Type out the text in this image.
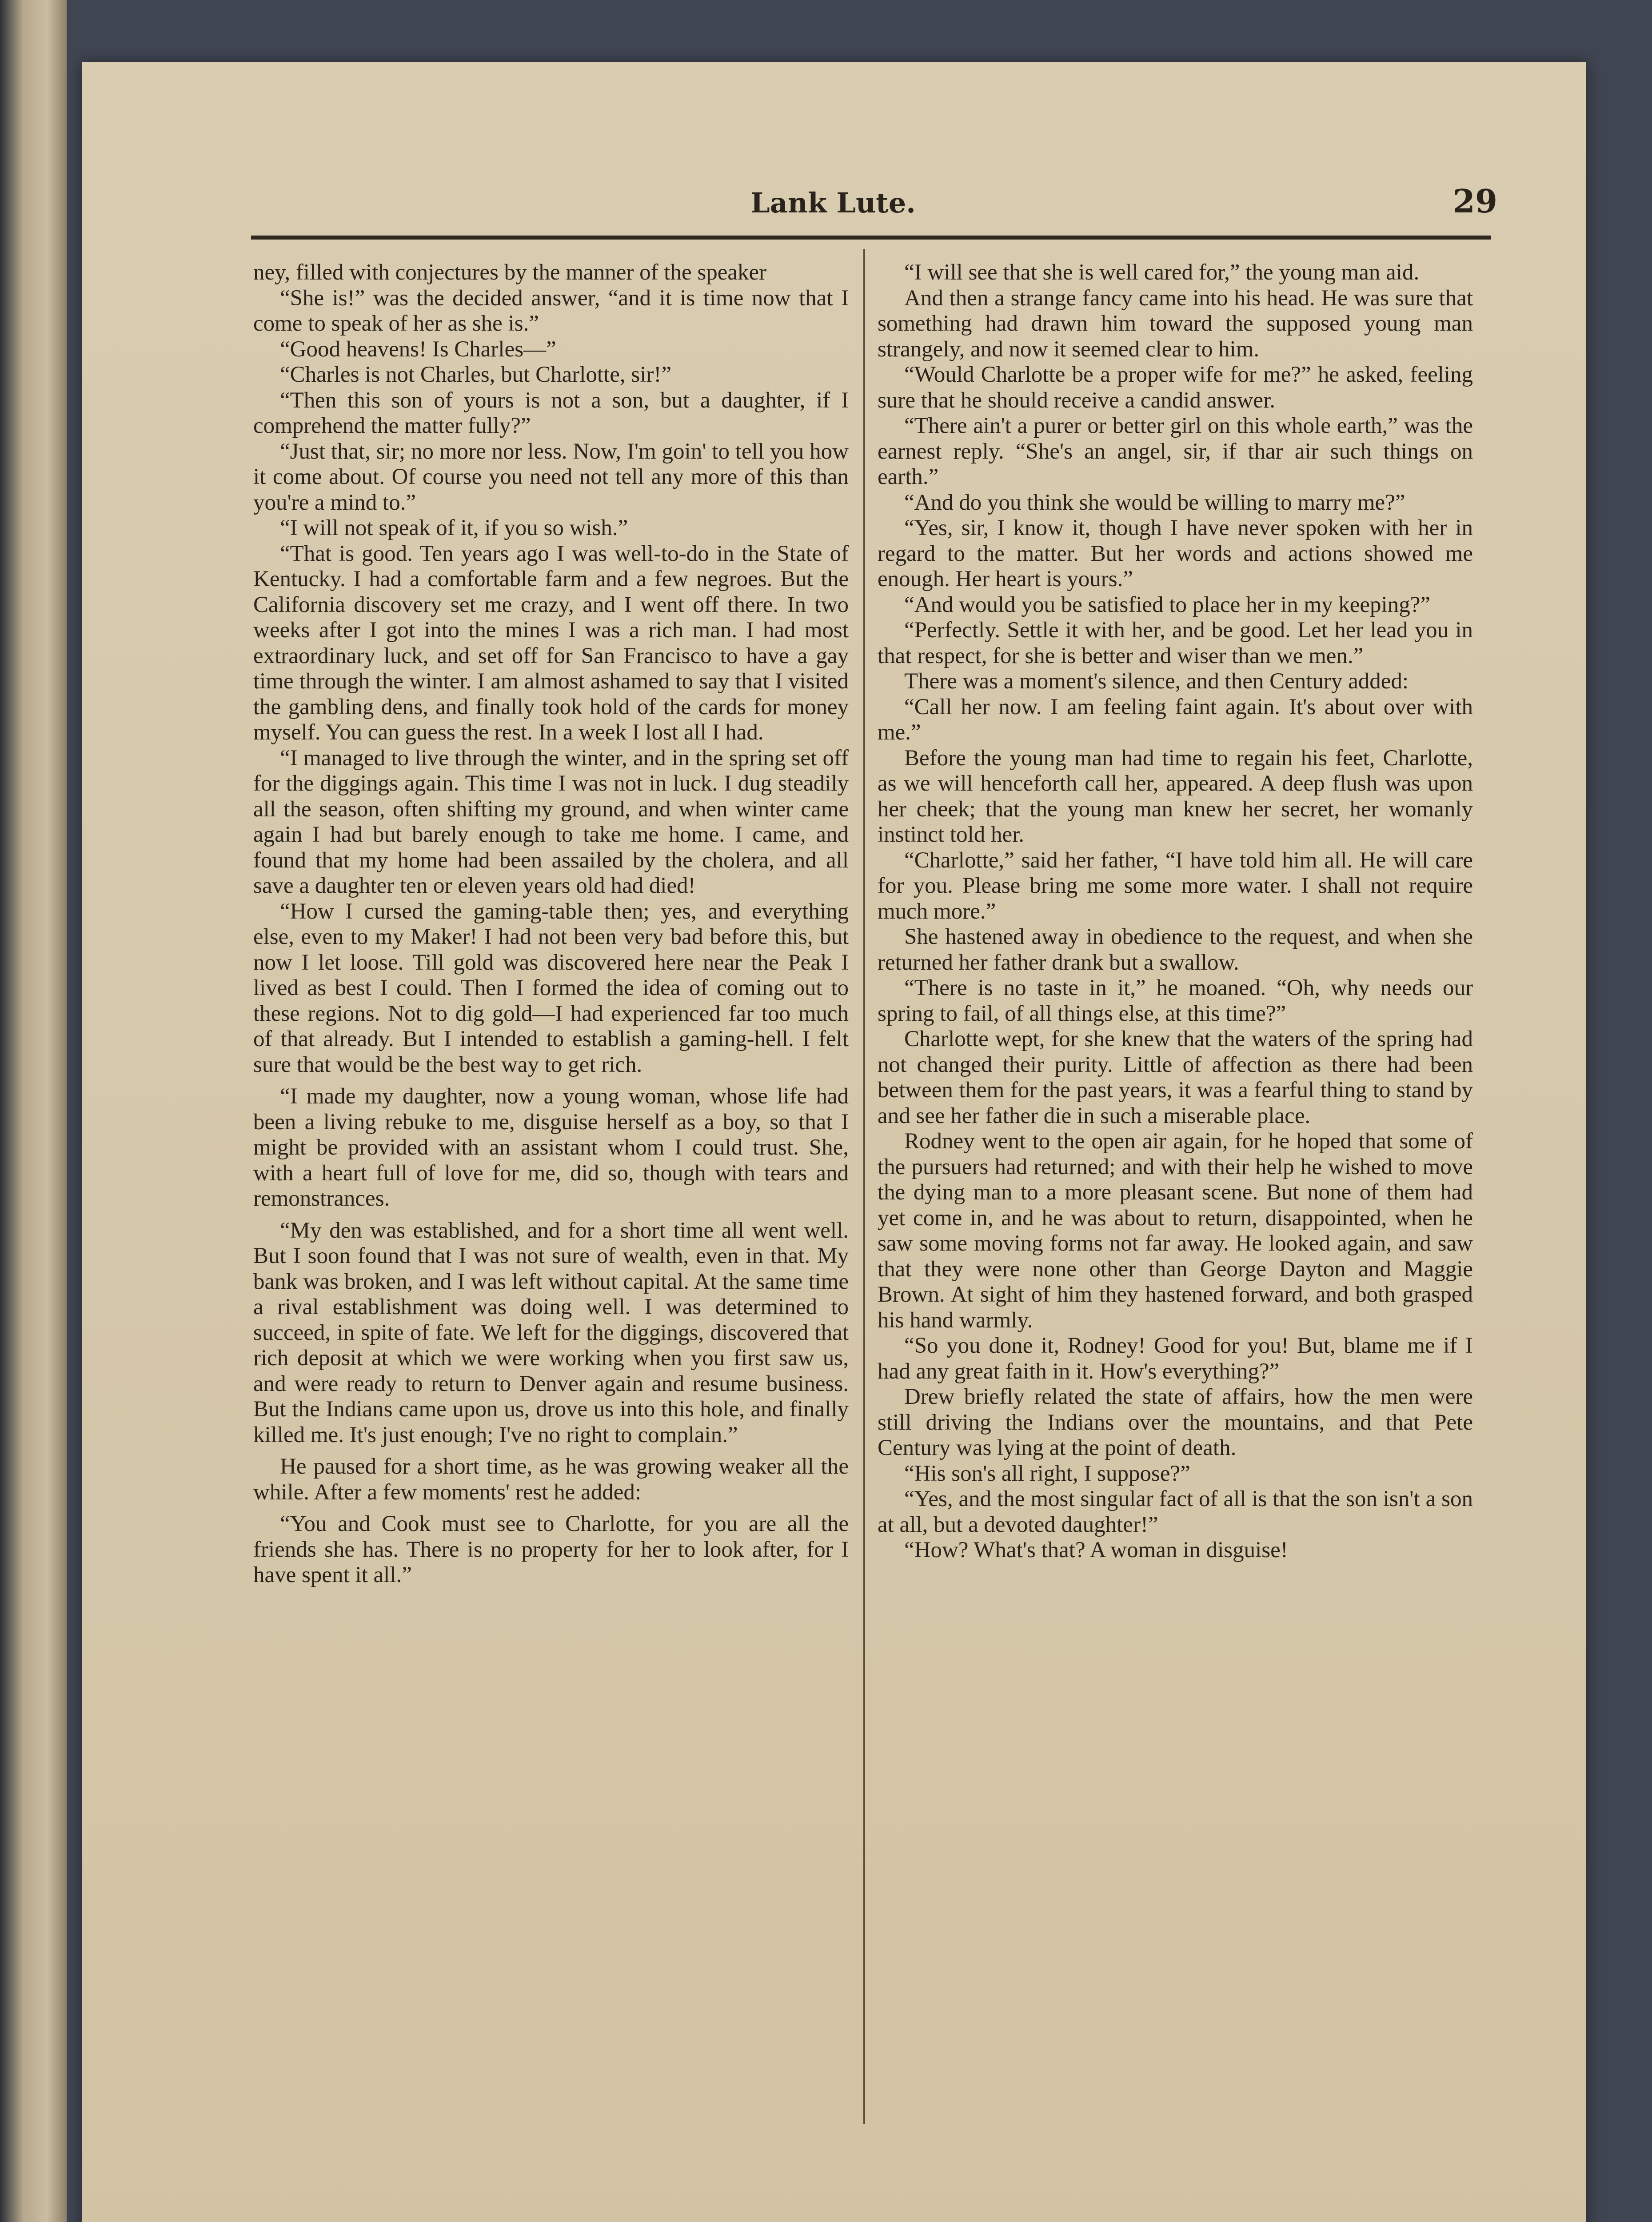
Lank Lute.	29

ney, filled with conjectures by the manner of the speaker

“She is!” was the decided answer, “and it is time now that I come to speak of her as she is.”

“Good heavens! Is Charles—”

“Charles is not Charles, but Charlotte, sir!”

“Then this son of yours is not a son, but a daughter, if I comprehend the matter fully?”

“Just that, sir; no more nor less. Now, I'm goin' to tell you how it come about. Of course you need not tell any more of this than you're a mind to.”

“I will not speak of it, if you so wish.”

“That is good. Ten years ago I was well-to-do in the State of Kentucky. I had a comfortable farm and a few negroes. But the California discovery set me crazy, and I went off there. In two weeks after I got into the mines I was a rich man. I had most extraordinary luck, and set off for San Francisco to have a gay time through the winter. I am almost ashamed to say that I visited the gambling dens, and finally took hold of the cards for money myself. You can guess the rest. In a week I lost all I had.

“I managed to live through the winter, and in the spring set off for the diggings again. This time I was not in luck. I dug steadily all the season, often shifting my ground, and when winter came again I had but barely enough to take me home. I came, and found that my home had been assailed by the cholera, and all save a daughter ten or eleven years old had died!

“How I cursed the gaming-table then; yes, and everything else, even to my Maker! I had not been very bad before this, but now I let loose. Till gold was discovered here near the Peak I lived as best I could. Then I formed the idea of coming out to these regions. Not to dig gold—I had experienced far too much of that already. But I intended to establish a gaming-hell. I felt sure that would be the best way to get rich.

“I made my daughter, now a young woman, whose life had been a living rebuke to me, disguise herself as a boy, so that I might be provided with an assistant whom I could trust. She, with a heart full of love for me, did so, though with tears and remonstrances.

“My den was established, and for a short time all went well. But I soon found that I was not sure of wealth, even in that. My bank was broken, and I was left without capital. At the same time a rival establishment was doing well. I was determined to succeed, in spite of fate. We left for the diggings, discovered that rich deposit at which we were working when you first saw us, and were ready to return to Denver again and resume business. But the Indians came upon us, drove us into this hole, and finally killed me. It's just enough; I've no right to complain.”

He paused for a short time, as he was growing weaker all the while. After a few moments' rest he added:

“You and Cook must see to Charlotte, for you are all the friends she has. There is no property for her to look after, for I have spent it all.”

“I will see that she is well cared for,” the young man aid.

And then a strange fancy came into his head. He was sure that something had drawn him toward the supposed young man strangely, and now it seemed clear to him.

“Would Charlotte be a proper wife for me?” he asked, feeling sure that he should receive a candid answer.

“There ain't a purer or better girl on this whole earth,” was the earnest reply. “She's an angel, sir, if thar air such things on earth.”

“And do you think she would be willing to marry me?”

“Yes, sir, I know it, though I have never spoken with her in regard to the matter. But her words and actions showed me enough. Her heart is yours.”

“And would you be satisfied to place her in my keeping?”

“Perfectly. Settle it with her, and be good. Let her lead you in that respect, for she is better and wiser than we men.”

There was a moment's silence, and then Century added:

“Call her now. I am feeling faint again. It's about over with me.”

Before the young man had time to regain his feet, Charlotte, as we will henceforth call her, appeared. A deep flush was upon her cheek; that the young man knew her secret, her womanly instinct told her.

“Charlotte,” said her father, “I have told him all. He will care for you. Please bring me some more water. I shall not require much more.”

She hastened away in obedience to the request, and when she returned her father drank but a swallow.

“There is no taste in it,” he moaned. “Oh, why needs our spring to fail, of all things else, at this time?”

Charlotte wept, for she knew that the waters of the spring had not changed their purity. Little of affection as there had been between them for the past years, it was a fearful thing to stand by and see her father die in such a miserable place.

Rodney went to the open air again, for he hoped that some of the pursuers had returned; and with their help he wished to move the dying man to a more pleasant scene. But none of them had yet come in, and he was about to return, disappointed, when he saw some moving forms not far away. He looked again, and saw that they were none other than George Dayton and Maggie Brown. At sight of him they hastened forward, and both grasped his hand warmly.

“So you done it, Rodney! Good for you! But, blame me if I had any great faith in it. How's everything?”

Drew briefly related the state of affairs, how the men were still driving the Indians over the mountains, and that Pete Century was lying at the point of death.

“His son's all right, I suppose?”

“Yes, and the most singular fact of all is that the son isn't a son at all, but a devoted daughter!”

“How? What's that? A woman in disguise!
